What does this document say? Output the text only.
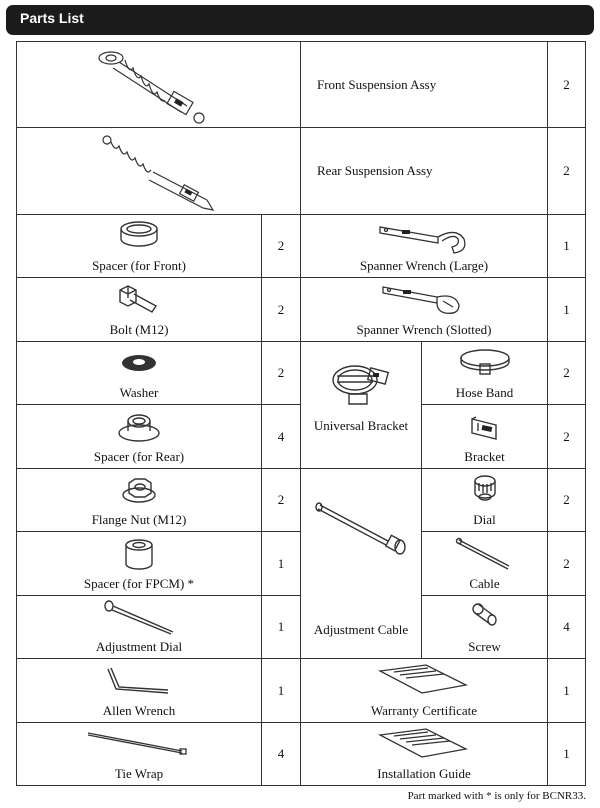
Parts List
Front Suspension Assy	2
Rear Suspension Assy	2
Spacer (for Front)
2
Spanner Wrench (Large)
1
Bolt (M12)
2
Spanner Wrench (Slotted)
1
Washer
2
Universal Bracket
Hose Band
2
Spacer (for Rear)
4
Bracket
2
Flange Nut (M12)
2
Adjustment Cable
Dial
2
Spacer (for FPCM) *
1
Cable
2
Adjustment Dial
1
Screw
4
Allen Wrench
1
Warranty Certificate
1
Tie Wrap
4
Installation Guide
1
Part marked with * is only for BCNR33.
